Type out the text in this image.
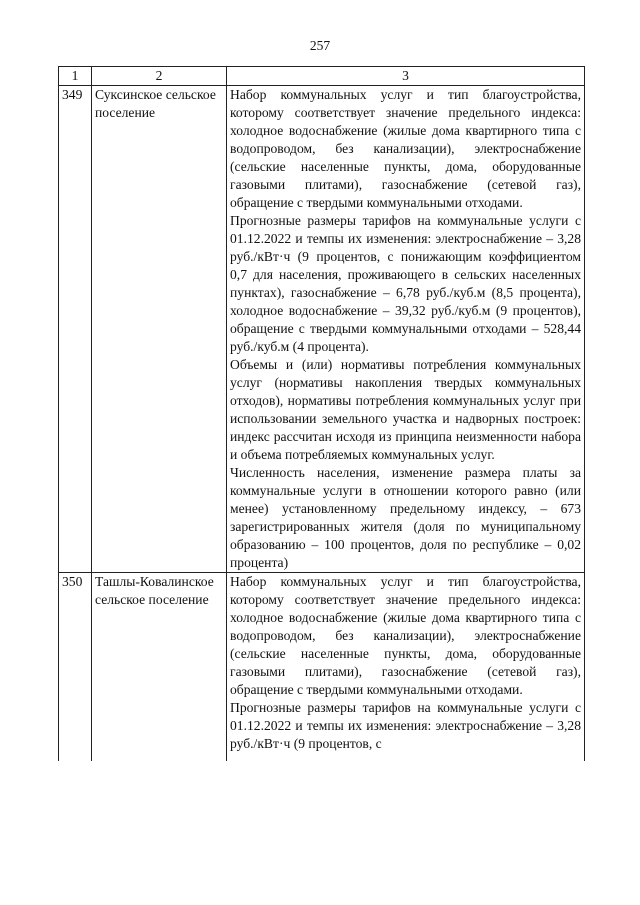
257
1	2	3
349	Суксинское сельское поселение	Набор коммунальных услуг и тип благоустройства, которому соответствует значение предельного индекса: холодное водоснабжение (жилые дома квартирного типа с водопроводом, без канализации), электроснабжение (сельские населенные пункты, дома, оборудованные газовыми плитами), газоснабжение (сетевой газ), обращение с твердыми коммунальными отходами.
Прогнозные размеры тарифов на коммунальные услуги с 01.12.2022 и темпы их изменения: электроснабжение – 3,28 руб./кВт·ч (9 процентов, с понижающим коэффициентом 0,7 для населения, проживающего в сельских населенных пунктах), газоснабжение – 6,78 руб./куб.м (8,5 процента), холодное водоснабжение – 39,32 руб./куб.м (9 процентов), обращение с твердыми коммунальными отходами – 528,44 руб./куб.м (4 процента).
Объемы и (или) нормативы потребления коммунальных услуг (нормативы накопления твердых коммунальных отходов), нормативы потребления коммунальных услуг при использовании земельного участка и надворных построек: индекс рассчитан исходя из принципа неизменности набора и объема потребляемых коммунальных услуг.
Численность населения, изменение размера платы за коммунальные услуги в отношении которого равно (или менее) установленному предельному индексу, – 673 зарегистрированных жителя (доля по муниципальному образованию – 100 процентов, доля по республике – 0,02 процента)

350	Ташлы-Ковалинское сельское поселение	Набор коммунальных услуг и тип благоустройства, которому соответствует значение предельного индекса: холодное водоснабжение (жилые дома квартирного типа с водопроводом, без канализации), электроснабжение (сельские населенные пункты, дома, оборудованные газовыми плитами), газоснабжение (сетевой газ), обращение с твердыми коммунальными отходами.
Прогнозные размеры тарифов на коммунальные услуги с 01.12.2022 и темпы их изменения: электроснабжение – 3,28 руб./кВт·ч (9 процентов, с
